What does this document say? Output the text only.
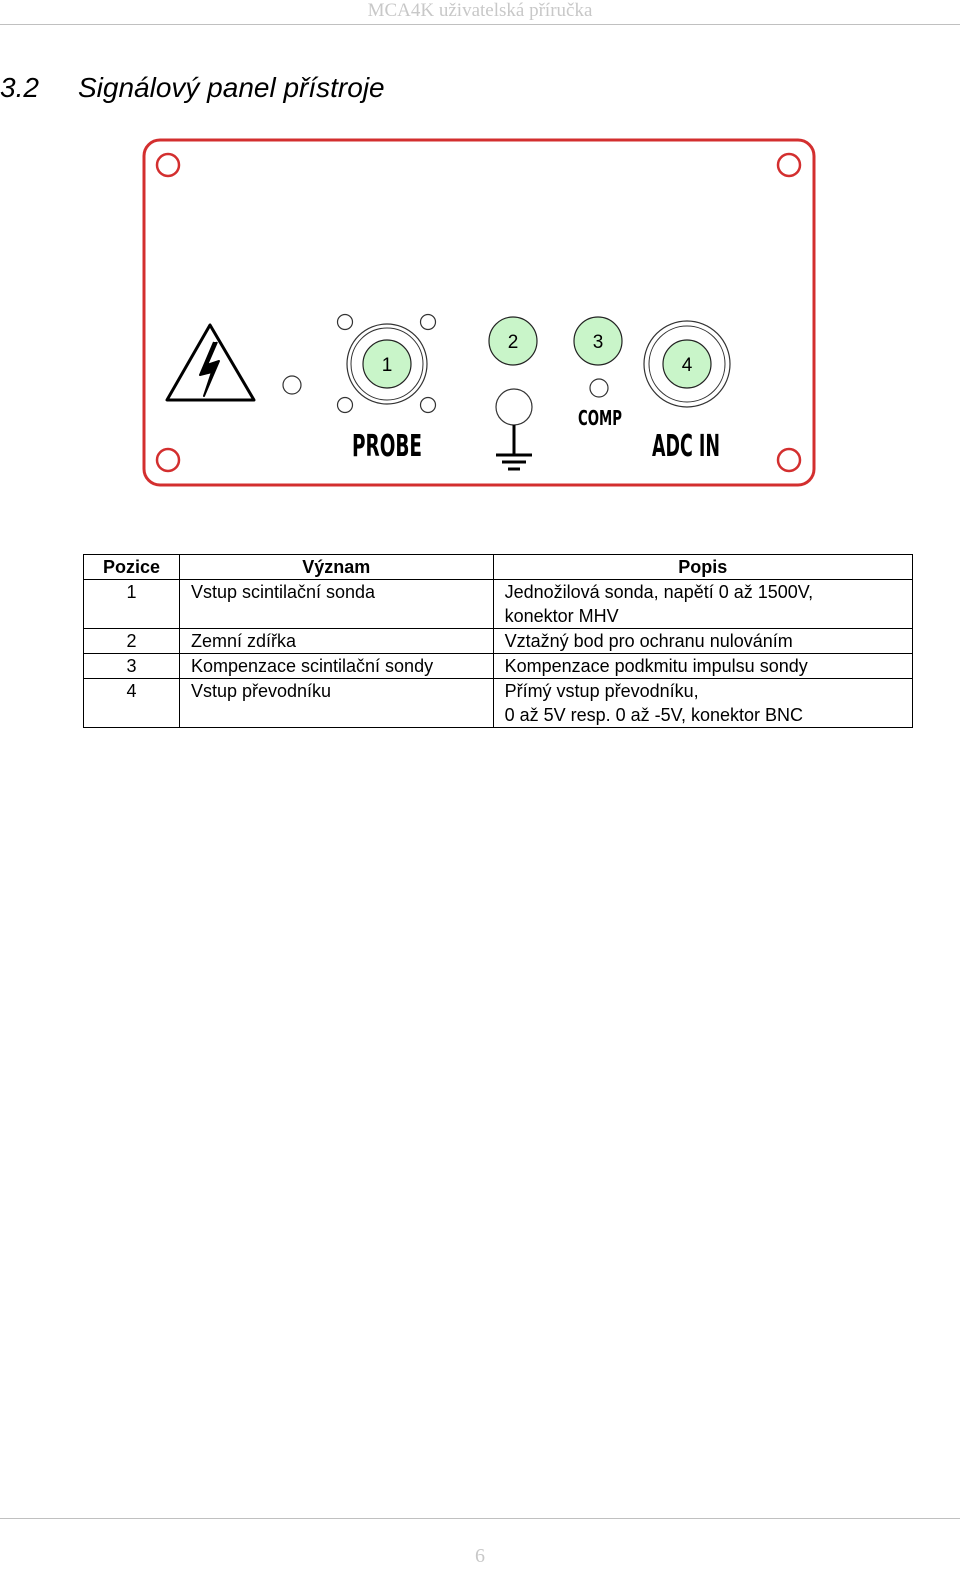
MCA4K uživatelská příručka
3.2 Signálový panel přístroje
1
2	3
COMP
4
PROBE	ADC IN
Pozice	Význam	Popis
1	Vstup scintilační sonda	Jednožilová sonda, napětí 0 až 1500V,
konektor MHV

2	Zemní zdířka	Vztažný bod pro ochranu nulováním

3	Kompenzace scintilační sondy	Kompenzace podkmitu impulsu sondy

4	Vstup převodníku	Přímý vstup převodníku,
0 až 5V resp. 0 až -5V, konektor BNC
6
